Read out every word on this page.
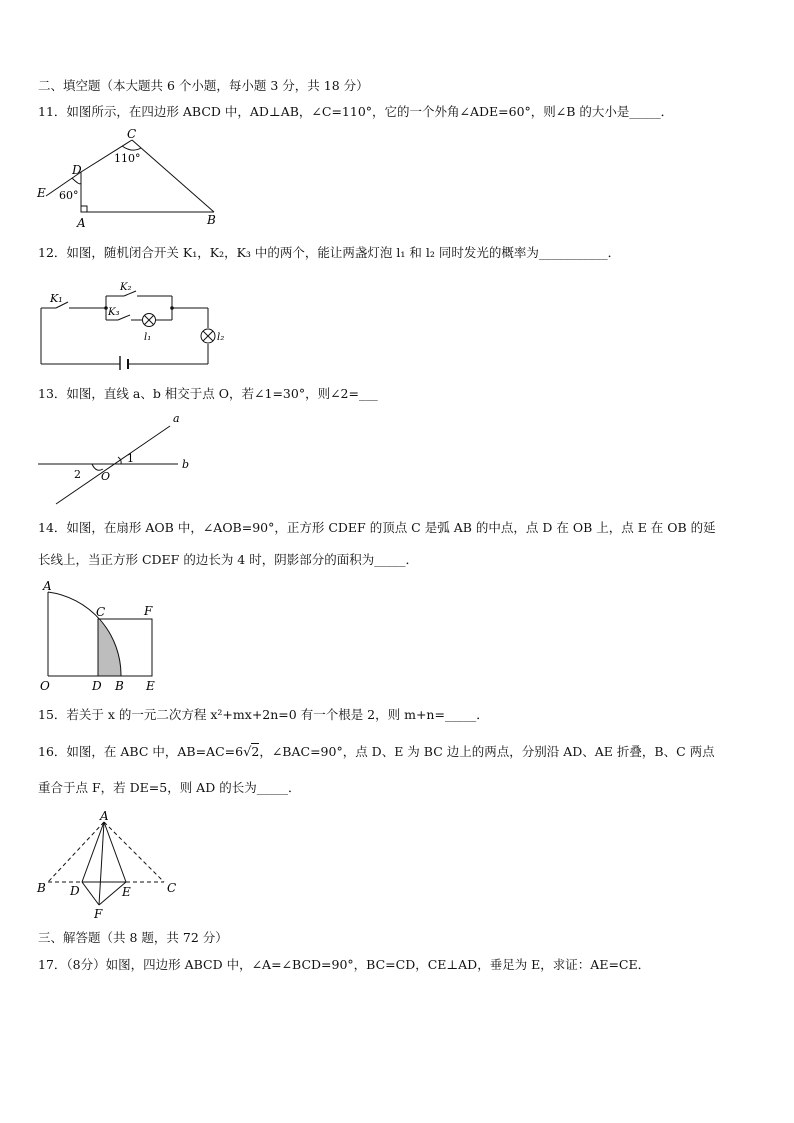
二、填空题（本大题共 6 个小题，每小题 3 分，共 18 分）
11．如图所示，在四边形 ABCD 中，AD⊥AB，∠C=110°，它的一个外角∠ADE=60°，则∠B 的大小是_____．
C
110°
D
E 60°
A	B
12．如图，随机闭合开关 K₁，K₂，K₃ 中的两个，能让两盏灯泡 l₁ 和 l₂ 同时发光的概率为___________．
K₁
K₂
K₃
l₁	l₂
13．如图，直线 a、b 相交于点 O，若∠1=30°，则∠2=___
a
b
1
2 O
14．如图，在扇形 AOB 中，∠AOB=90°，正方形 CDEF 的顶点 C 是弧 AB 的中点，点 D 在 OB 上，点 E 在 OB 的延
长线上，当正方形 CDEF 的边长为 4 时，阴影部分的面积为_____．
A
C	F
O	D B E
15．若关于 x 的一元二次方程 x²+mx+2n=0 有一个根是 2，则 m+n=_____．
16．如图，在 ABC 中，AB=AC=6√2，∠BAC=90°，点 D、E 为 BC 边上的两点，分别沿 AD、AE 折叠，B、C 两点
重合于点 F，若 DE=5，则 AD 的长为_____．
A
B	C
D	E
F
三、解答题（共 8 题，共 72 分）
17．（8分）如图，四边形 ABCD 中，∠A=∠BCD=90°，BC=CD，CE⊥AD，垂足为 E，求证：AE=CE．
